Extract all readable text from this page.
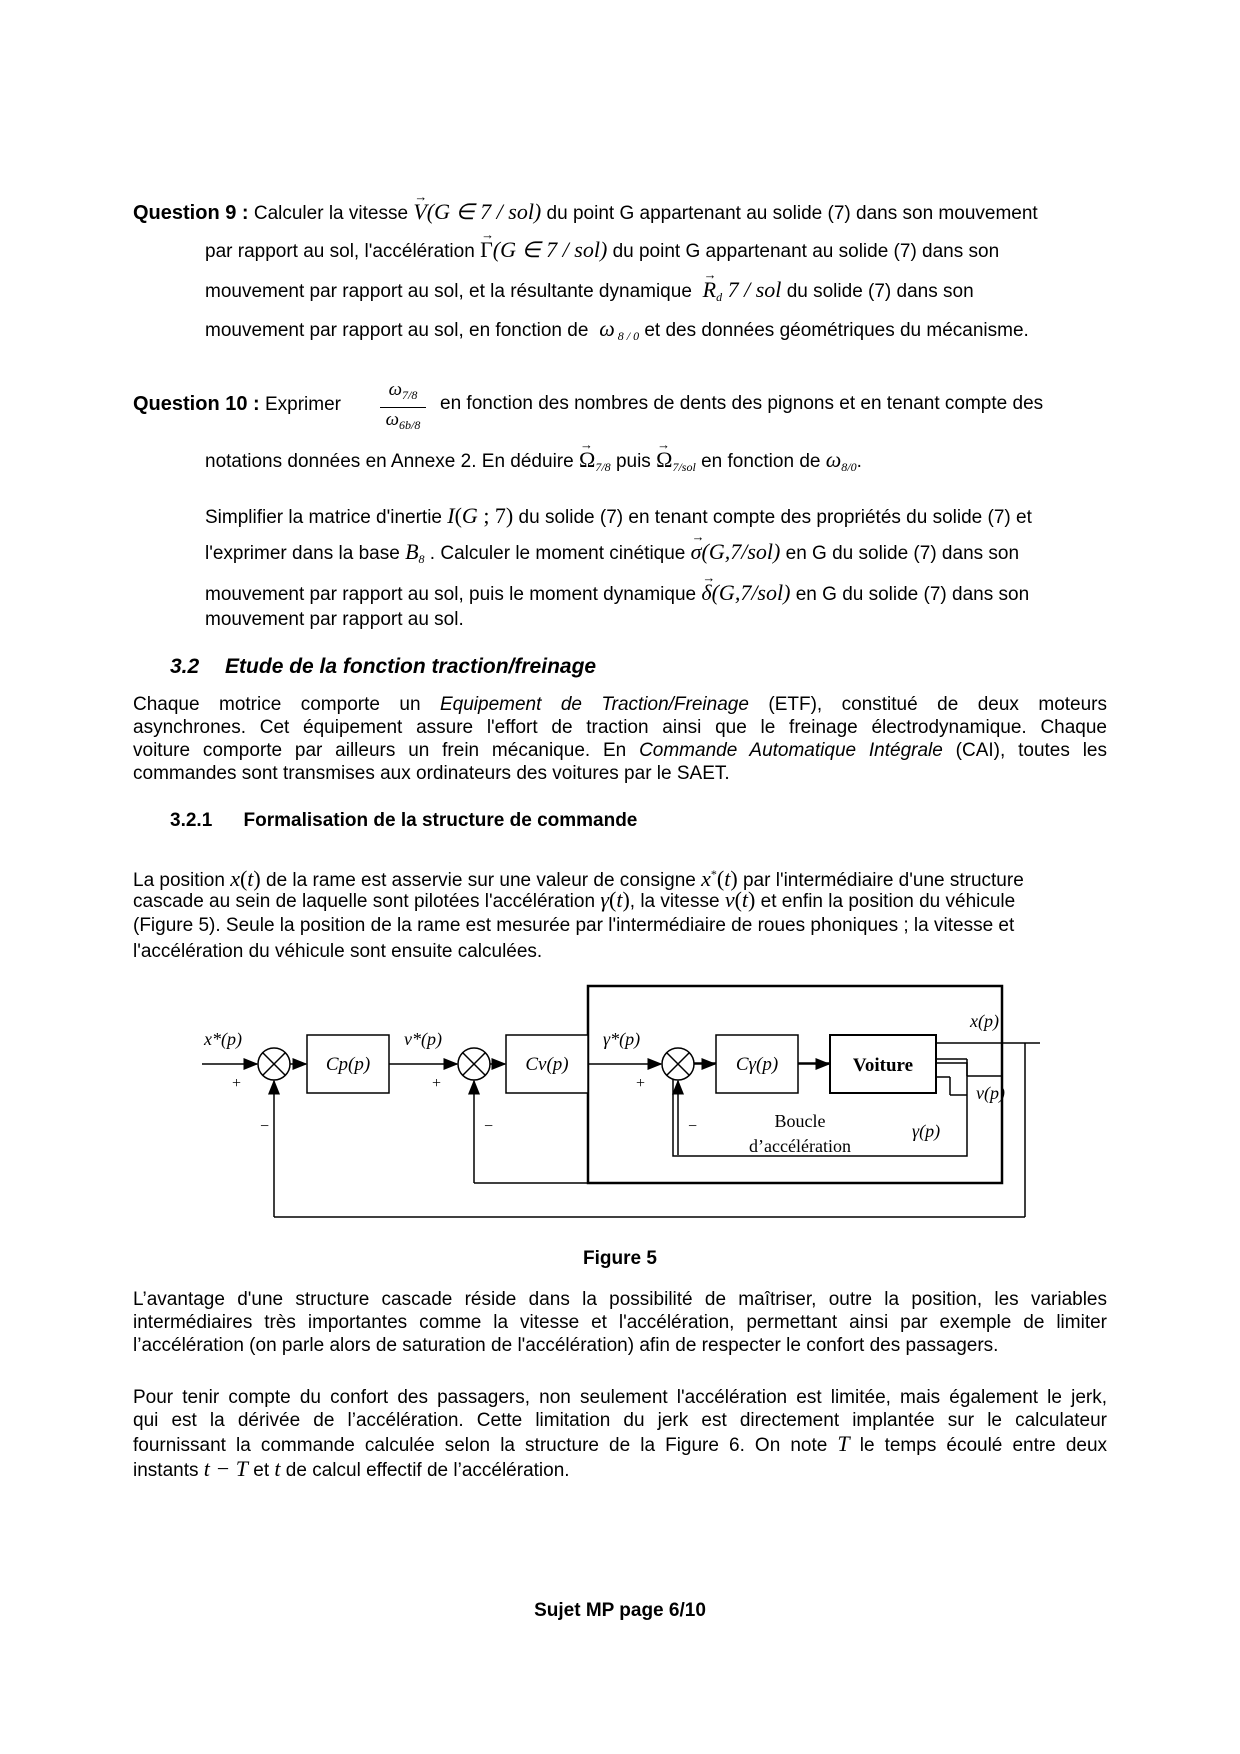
Question 9 : Calculer la vitesse → V(G ∈ 7 / sol) du point G appartenant au solide (7) dans son mouvement
par rapport au sol, l'accélération → Γ(G ∈ 7 / sol) du point G appartenant au solide (7) dans son
mouvement par rapport au sol, et la résultante dynamique → $R_d$ 7 / sol du solide (7) dans son
mouvement par rapport au sol, en fonction de  ω $_{8 / 0}$ et des données géométriques du mécanisme.
Question 10 : Exprimer
$\omega_{7/8}$
$\omega_{6b/8}$
en fonction des nombres de dents des pignons et en tenant compte des
notations données en Annexe 2. En déduire → $\Omega_{7/8}$ puis → $\Omega_{7/sol}$ en fonction de $\omega_{8/0}$.
Simplifier la matrice d'inertie I(G ; 7) du solide (7) en tenant compte des propriétés du solide (7) et
l'exprimer dans la base $B_8$ . Calculer le moment cinétique → σ(G,7/sol) en G du solide (7) dans son
mouvement par rapport au sol, puis le moment dynamique → δ(G,7/sol) en G du solide (7) dans son
mouvement par rapport au sol.
3.2 Etude de la fonction traction/freinage
Chaque motrice comporte un Equipement de Traction/Freinage (ETF), constitué de deux moteurs
asynchrones. Cet équipement assure l'effort de traction ainsi que le freinage électrodynamique. Chaque
voiture comporte par ailleurs un frein mécanique. En Commande Automatique Intégrale (CAI), toutes les
commandes sont transmises aux ordinateurs des voitures par le SAET.
3.2.1 Formalisation de la structure de commande
La position x(t) de la rame est asservie sur une valeur de consigne x*(t) par l'intermédiaire d'une structure
cascade au sein de laquelle sont pilotées l'accélération γ(t), la vitesse v(t) et enfin la position du véhicule
(Figure 5). Seule la position de la rame est mesurée par l'intermédiaire de roues phoniques ; la vitesse et
l'accélération du véhicule sont ensuite calculées.
x*(p)	v*(p)	γ*(p)
Cp(p)	Cv(p)	Cγ(p)	Voiture
x(p)
v(p)
γ(p)
Boucle
d’accélération
+	+	+
−	−	−
Figure 5
L’avantage d'une structure cascade réside dans la possibilité de maîtriser, outre la position, les variables
intermédiaires très importantes comme la vitesse et l'accélération, permettant ainsi par exemple de limiter
l’accélération (on parle alors de saturation de l'accélération) afin de respecter le confort des passagers.
Pour tenir compte du confort des passagers, non seulement l'accélération est limitée, mais également le jerk,
qui est la dérivée de l’accélération. Cette limitation du jerk est directement implantée sur le calculateur
fournissant la commande calculée selon la structure de la Figure 6. On note T le temps écoulé entre deux
instants t − T et t de calcul effectif de l’accélération.
Sujet MP page 6/10
